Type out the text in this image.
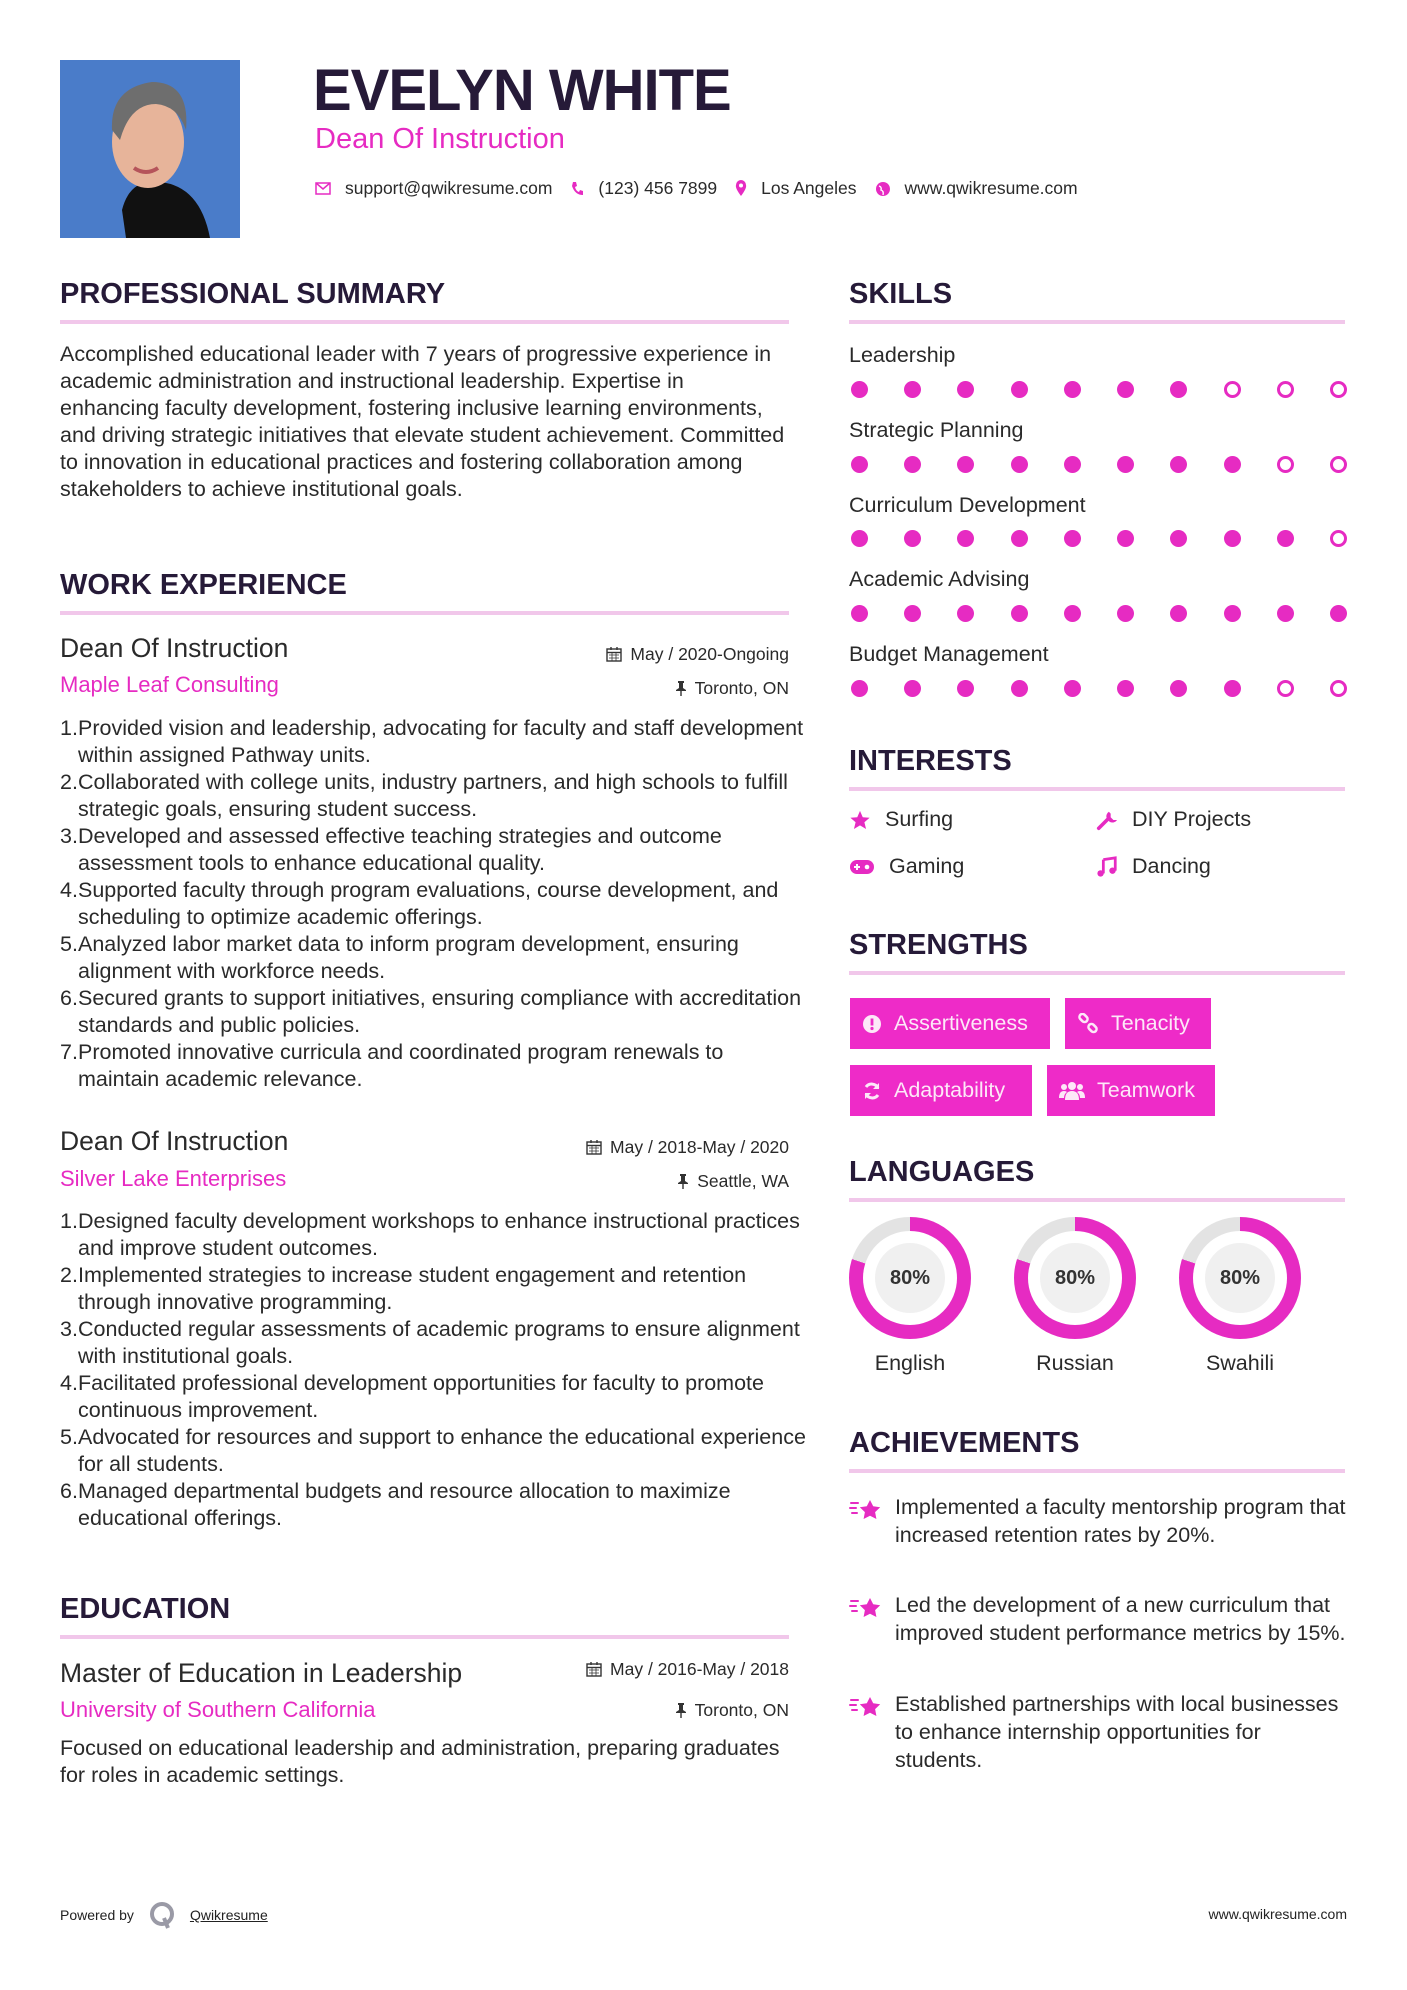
EVELYN WHITE
Dean Of Instruction
support@qwikresume.com	(123) 456 7899	Los Angeles	www.qwikresume.com
PROFESSIONAL SUMMARY
Accomplished educational leader with 7 years of progressive experience in academic administration and instructional leadership. Expertise in enhancing faculty development, fostering inclusive learning environments, and driving strategic initiatives that elevate student achievement. Committed to innovation in educational practices and fostering collaboration among stakeholders to achieve institutional goals.
WORK EXPERIENCE
Dean Of Instruction
Maple Leaf Consulting
May / 2020-Ongoing
Toronto, ON
1. Provided vision and leadership, advocating for faculty and staff development within assigned Pathway units.
2. Collaborated with college units, industry partners, and high schools to fulfill strategic goals, ensuring student success.
3. Developed and assessed effective teaching strategies and outcome assessment tools to enhance educational quality.
4. Supported faculty through program evaluations, course development, and scheduling to optimize academic offerings.
5. Analyzed labor market data to inform program development, ensuring alignment with workforce needs.
6. Secured grants to support initiatives, ensuring compliance with accreditation standards and public policies.
7. Promoted innovative curricula and coordinated program renewals to maintain academic relevance.
Dean Of Instruction
Silver Lake Enterprises
May / 2018-May / 2020
Seattle, WA
1. Designed faculty development workshops to enhance instructional practices and improve student outcomes.
2. Implemented strategies to increase student engagement and retention through innovative programming.
3. Conducted regular assessments of academic programs to ensure alignment with institutional goals.
4. Facilitated professional development opportunities for faculty to promote continuous improvement.
5. Advocated for resources and support to enhance the educational experience for all students.
6. Managed departmental budgets and resource allocation to maximize educational offerings.
EDUCATION
Master of Education in Leadership
University of Southern California
May / 2016-May / 2018
Toronto, ON
Focused on educational leadership and administration, preparing graduates for roles in academic settings.
SKILLS
Leadership
Strategic Planning
Curriculum Development
Academic Advising
Budget Management
INTERESTS
Surfing	DIY Projects
Gaming	Dancing
STRENGTHS
Assertiveness	Tenacity
Adaptability	Teamwork
LANGUAGES
80%
English
80%
Russian
80%
Swahili
ACHIEVEMENTS
Implemented a faculty mentorship program that increased retention rates by 20%.
Led the development of a new curriculum that improved student performance metrics by 15%.
Established partnerships with local businesses to enhance internship opportunities for students.
Powered by	Qwikresume	www.qwikresume.com
